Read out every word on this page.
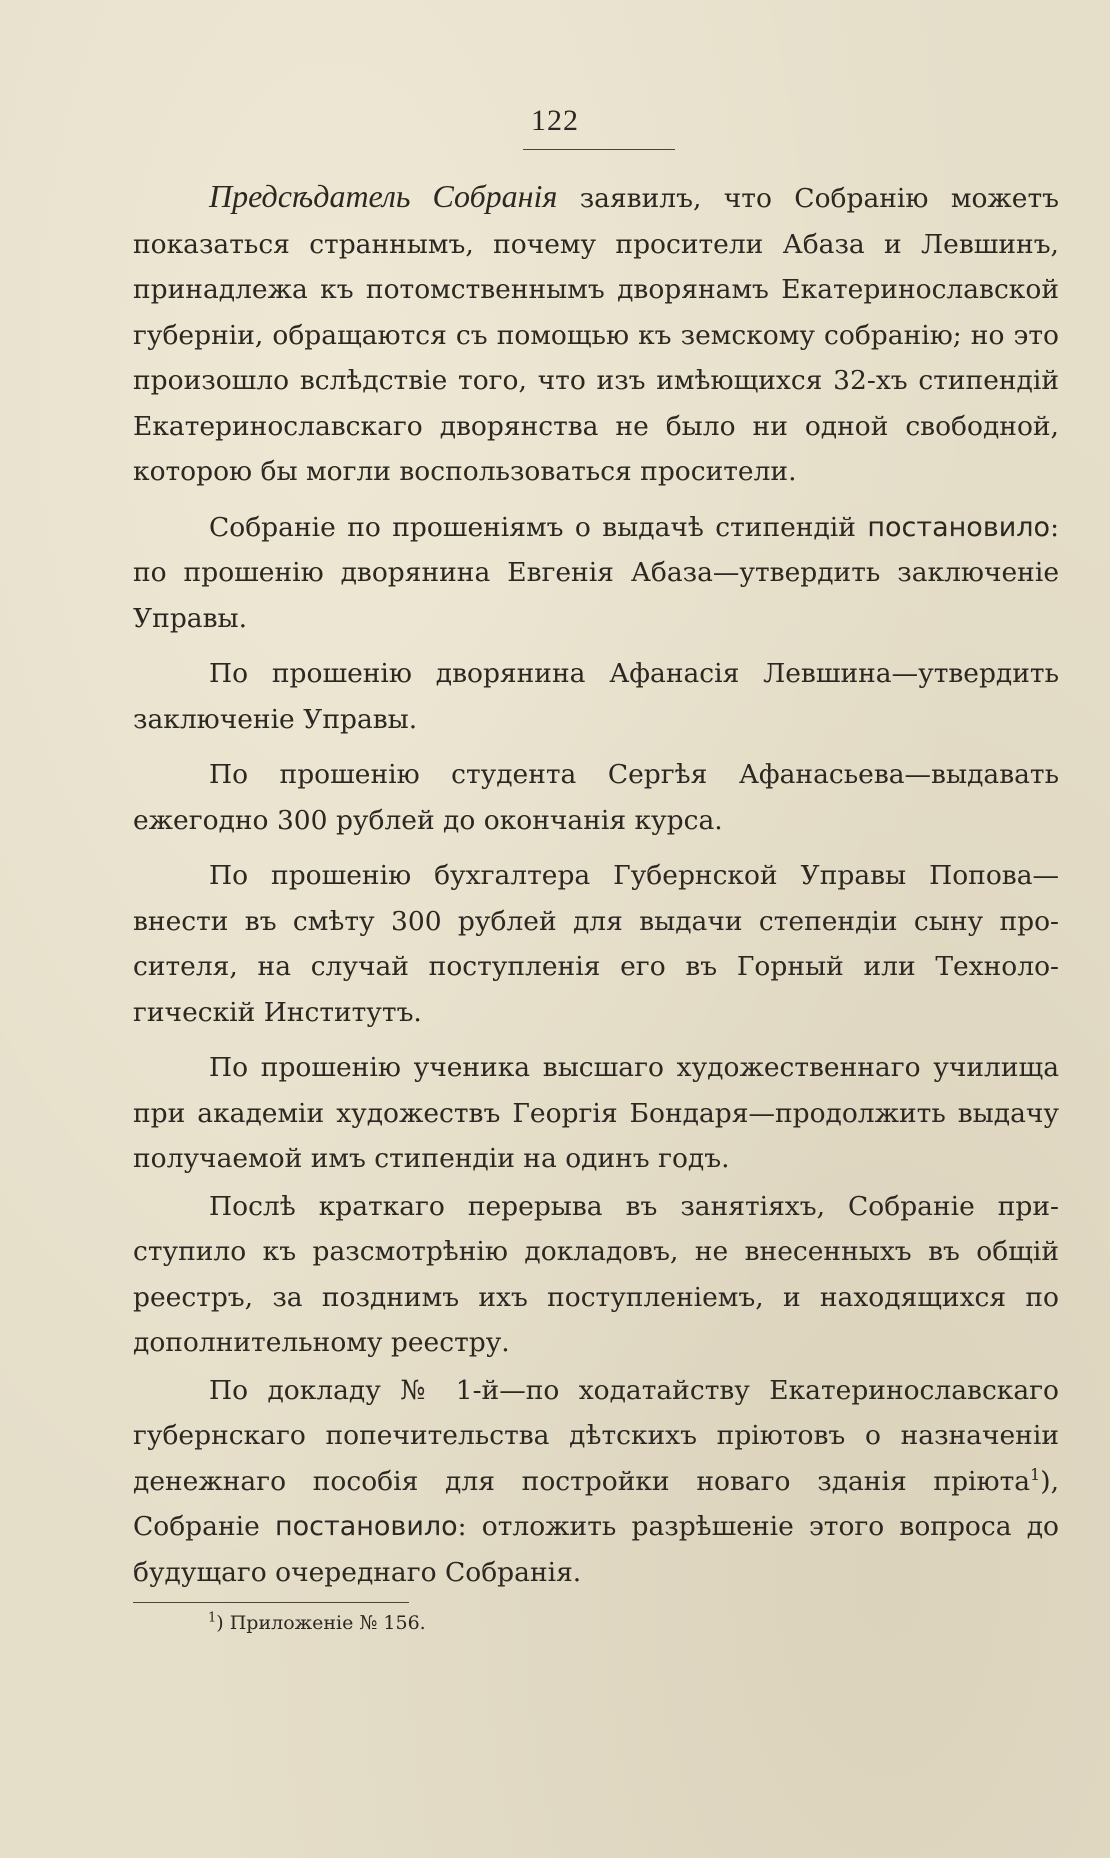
122

Предсѣдатель Собранія заявилъ, что Собранію можетъ показаться страннымъ, почему просители Абаза и Левшинъ, принадлежа къ потомственнымъ дворянамъ Екатеринославской губерніи, обращаются съ помощью къ земскому собранію; но это произошло вслѣдствіе того, что изъ имѣющихся 32-хъ стипендій Екатеринославскаго дворянства не было ни одной свободной, которою бы могли воспользоваться просители.

Собраніе по прошеніямъ о выдачѣ стипендій постановило: по прошенію дворянина Евгенія Абаза—утвердить заключеніе Управы.

По прошенію дворянина Афанасія Левшина—утвердить заключеніе Управы.

По прошенію студента Сергѣя Афанасьева—выдавать ежегодно 300 рублей до окончанія курса.

По прошенію бухгалтера Губернской Управы Попова—внести въ смѣту 300 рублей для выдачи степендіи сыну просителя, на случай поступленія его въ Горный или Технологическій Институтъ.

По прошенію ученика высшаго художественнаго училища при академіи художествъ Георгія Бондаря—продолжить выдачу получаемой имъ стипендіи на одинъ годъ.

Послѣ краткаго перерыва въ занятіяхъ, Собраніе приступило къ разсмотрѣнію докладовъ, не внесенныхъ въ общій реестръ, за позднимъ ихъ поступленіемъ, и находящихся по дополнительному реестру.

По докладу № 1-й—по ходатайству Екатеринославскаго губернскаго попечительства дѣтскихъ пріютовъ о назначеніи денежнаго пособія для постройки новаго зданія пріюта$^1$), Собраніе постановило: отложить разрѣшеніе этого вопроса до будущаго очереднаго Собранія.

$^1$) Приложеніе № 156.
